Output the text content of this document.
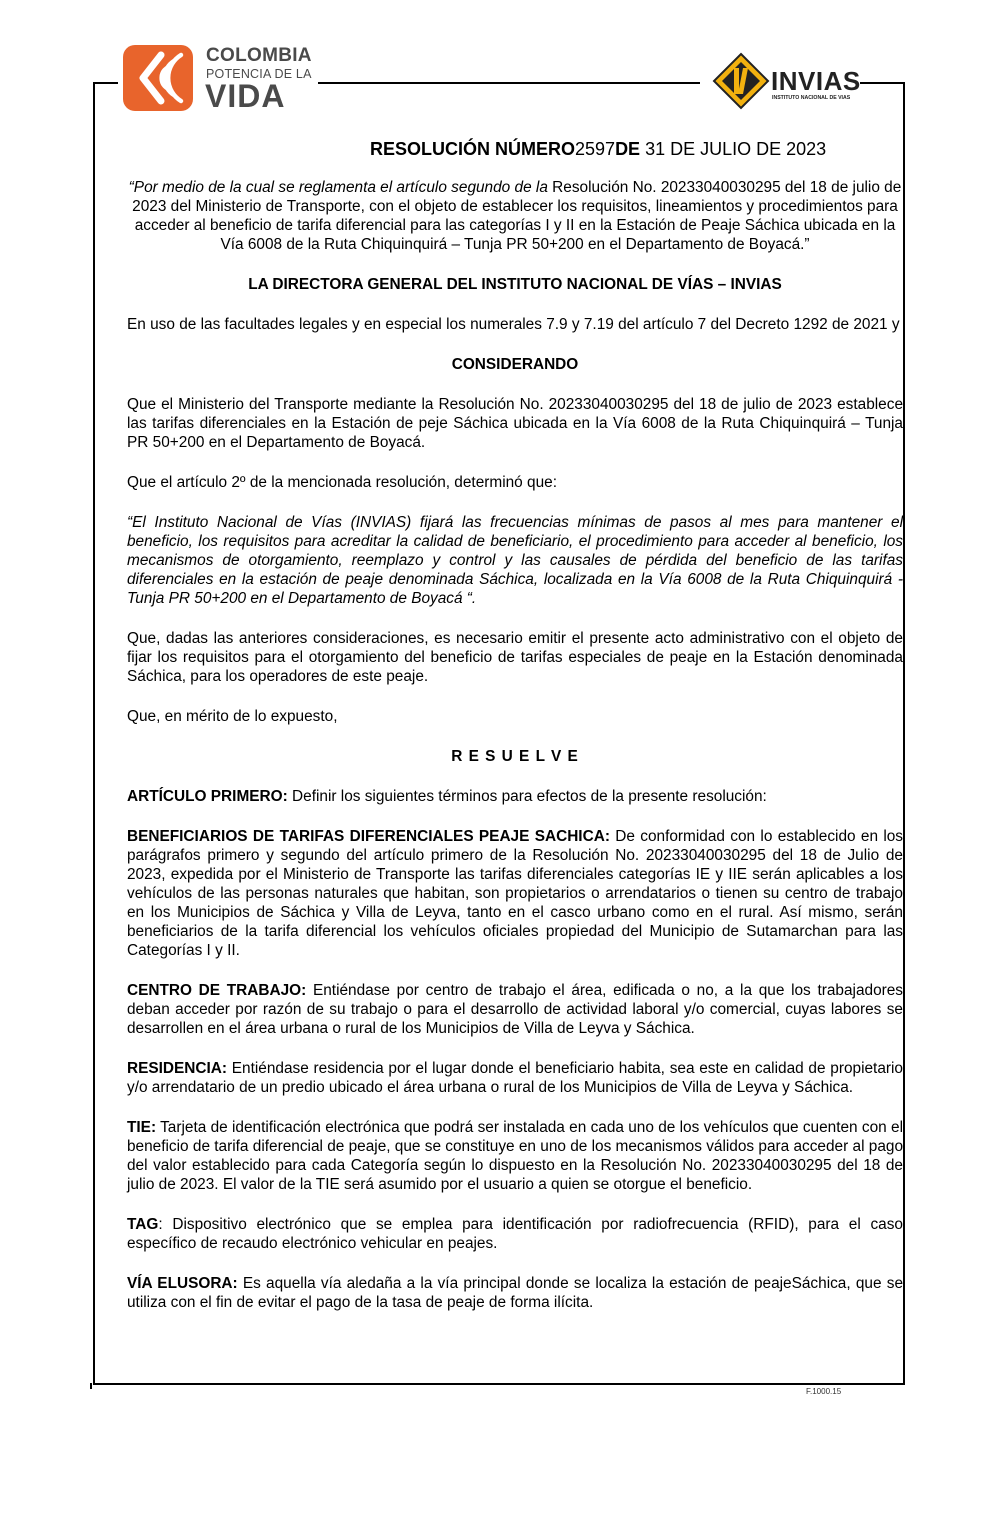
COLOMBIA
POTENCIA DE LA
VIDA	INVIAS
INSTITUTO NACIONAL DE VIAS
RESOLUCIÓN NÚMERO2597DE 31 DE JULIO DE 2023

“Por medio de la cual se reglamenta el artículo segundo de la Resolución No. 20233040030295 del 18 de julio de 2023 del Ministerio de Transporte, con el objeto de establecer los requisitos, lineamientos y procedimientos para acceder al beneficio de tarifa diferencial para las categorías I y II en la Estación de Peaje Sáchica ubicada en la Vía 6008 de la Ruta Chiquinquirá – Tunja PR 50+200 en el Departamento de Boyacá.”

LA DIRECTORA GENERAL DEL INSTITUTO NACIONAL DE VÍAS – INVIAS

En uso de las facultades legales y en especial los numerales 7.9 y 7.19 del artículo 7 del Decreto 1292 de 2021 y

CONSIDERANDO

Que el Ministerio del Transporte mediante la Resolución No. 20233040030295 del 18 de julio de 2023 establece las tarifas diferenciales en la Estación de peje Sáchica ubicada en la Vía 6008 de la Ruta Chiquinquirá – Tunja PR 50+200 en el Departamento de Boyacá.

Que el artículo 2º de la mencionada resolución, determinó que:

“El Instituto Nacional de Vías (INVIAS) fijará las frecuencias mínimas de pasos al mes para mantener el beneficio, los requisitos para acreditar la calidad de beneficiario, el procedimiento para acceder al beneficio, los mecanismos de otorgamiento, reemplazo y control y las causales de pérdida del beneficio de las tarifas diferenciales en la estación de peaje denominada Sáchica, localizada en la Vía 6008 de la Ruta Chiquinquirá - Tunja PR 50+200 en el Departamento de Boyacá “.

Que, dadas las anteriores consideraciones, es necesario emitir el presente acto administrativo con el objeto de fijar los requisitos para el otorgamiento del beneficio de tarifas especiales de peaje en la Estación denominada Sáchica, para los operadores de este peaje.

Que, en mérito de lo expuesto,

R E S U E L V E

ARTÍCULO PRIMERO: Definir los siguientes términos para efectos de la presente resolución:

BENEFICIARIOS DE TARIFAS DIFERENCIALES PEAJE SACHICA: De conformidad con lo establecido en los parágrafos primero y segundo del artículo primero de la Resolución No. 20233040030295 del 18 de Julio de 2023, expedida por el Ministerio de Transporte las tarifas diferenciales categorías IE y IIE serán aplicables a los vehículos de las personas naturales que habitan, son propietarios o arrendatarios o tienen su centro de trabajo en los Municipios de Sáchica y Villa de Leyva, tanto en el casco urbano como en el rural. Así mismo, serán beneficiarios de la tarifa diferencial los vehículos oficiales propiedad del Municipio de Sutamarchan para las Categorías I y II.

CENTRO DE TRABAJO: Entiéndase por centro de trabajo el área, edificada o no, a la que los trabajadores deban acceder por razón de su trabajo o para el desarrollo de actividad laboral y/o comercial, cuyas labores se desarrollen en el área urbana o rural de los Municipios de Villa de Leyva y Sáchica.

RESIDENCIA: Entiéndase residencia por el lugar donde el beneficiario habita, sea este en calidad de propietario y/o arrendatario de un predio ubicado el área urbana o rural de los Municipios de Villa de Leyva y Sáchica.

TIE: Tarjeta de identificación electrónica que podrá ser instalada en cada uno de los vehículos que cuenten con el beneficio de tarifa diferencial de peaje, que se constituye en uno de los mecanismos válidos para acceder al pago del valor establecido para cada Categoría según lo dispuesto en la Resolución No. 20233040030295 del 18 de julio de 2023. El valor de la TIE será asumido por el usuario a quien se otorgue el beneficio.

TAG: Dispositivo electrónico que se emplea para identificación por radiofrecuencia (RFID), para el caso específico de recaudo electrónico vehicular en peajes.

VÍA ELUSORA: Es aquella vía aledaña a la vía principal donde se localiza la estación de peajeSáchica, que se utiliza con el fin de evitar el pago de la tasa de peaje de forma ilícita.

F.1000.15
